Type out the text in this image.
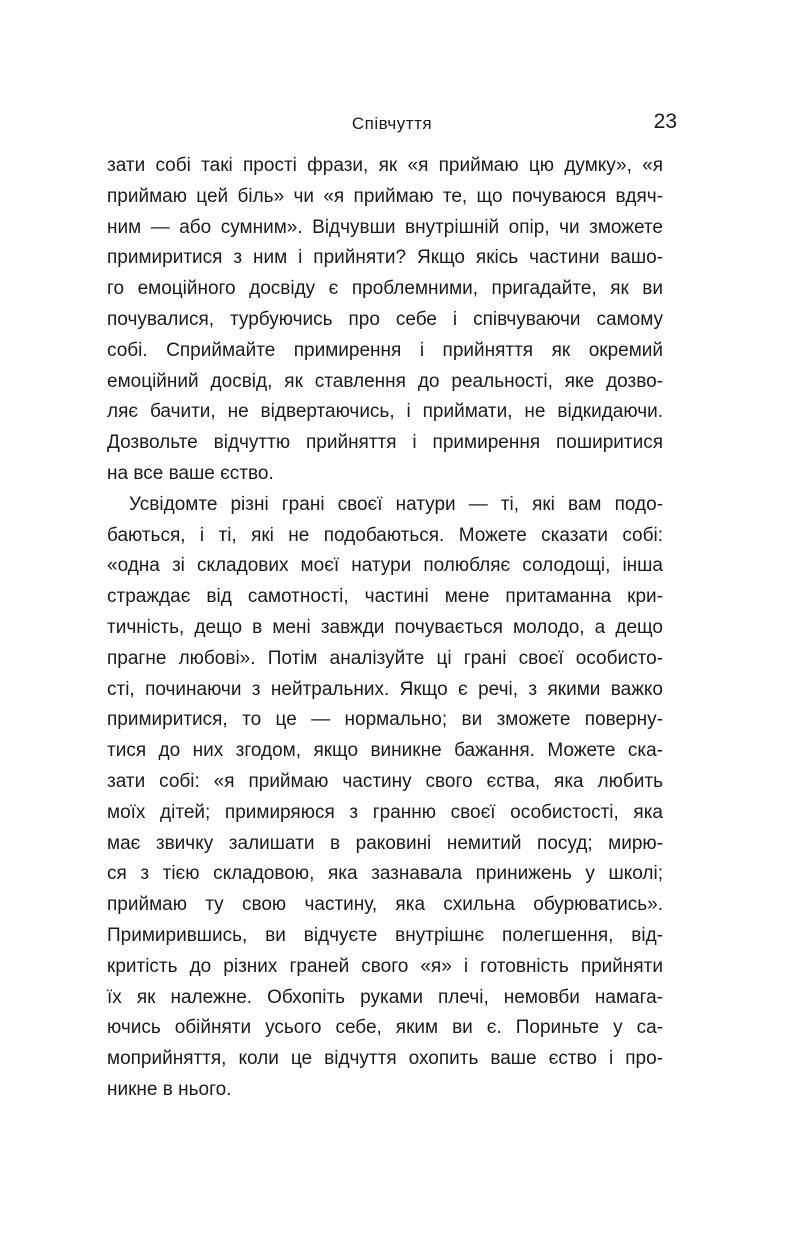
Співчуття	23
зати собі такі прості фрази, як «я приймаю цю думку», «я
приймаю цей біль» чи «я приймаю те, що почуваюся вдяч-
ним — або сумним». Відчувши внутрішній опір, чи зможете
примиритися з ним і прийняти? Якщо якісь частини вашо-
го емоційного досвіду є проблемними, пригадайте, як ви
почувалися, турбуючись про себе і співчуваючи самому
собі. Сприймайте примирення і прийняття як окремий
емоційний досвід, як ставлення до реальності, яке дозво-
ляє бачити, не відвертаючись, і приймати, не відкидаючи.
Дозвольте відчуттю прийняття і примирення поширитися
на все ваше єство.
Усвідомте різні грані своєї натури — ті, які вам подо-
баються, і ті, які не подобаються. Можете сказати собі:
«одна зі складових моєї натури полюбляє солодощі, інша
страждає від самотності, частині мене притаманна кри-
тичність, дещо в мені завжди почувається молодо, а дещо
прагне любові». Потім аналізуйте ці грані своєї особисто-
сті, починаючи з нейтральних. Якщо є речі, з якими важко
примиритися, то це — нормально; ви зможете поверну-
тися до них згодом, якщо виникне бажання. Можете ска-
зати собі: «я приймаю частину свого єства, яка любить
моїх дітей; примиряюся з гранню своєї особистості, яка
має звичку залишати в раковині немитий посуд; мирю-
ся з тією складовою, яка зазнавала принижень у школі;
приймаю ту свою частину, яка схильна обурюватись».
Примирившись, ви відчуєте внутрішнє полегшення, від-
критість до різних граней свого «я» і готовність прийняти
їх як належне. Обхопіть руками плечі, немовби намага-
ючись обійняти усього себе, яким ви є. Пориньте у са-
моприйняття, коли це відчуття охопить ваше єство і про-
никне в нього.
